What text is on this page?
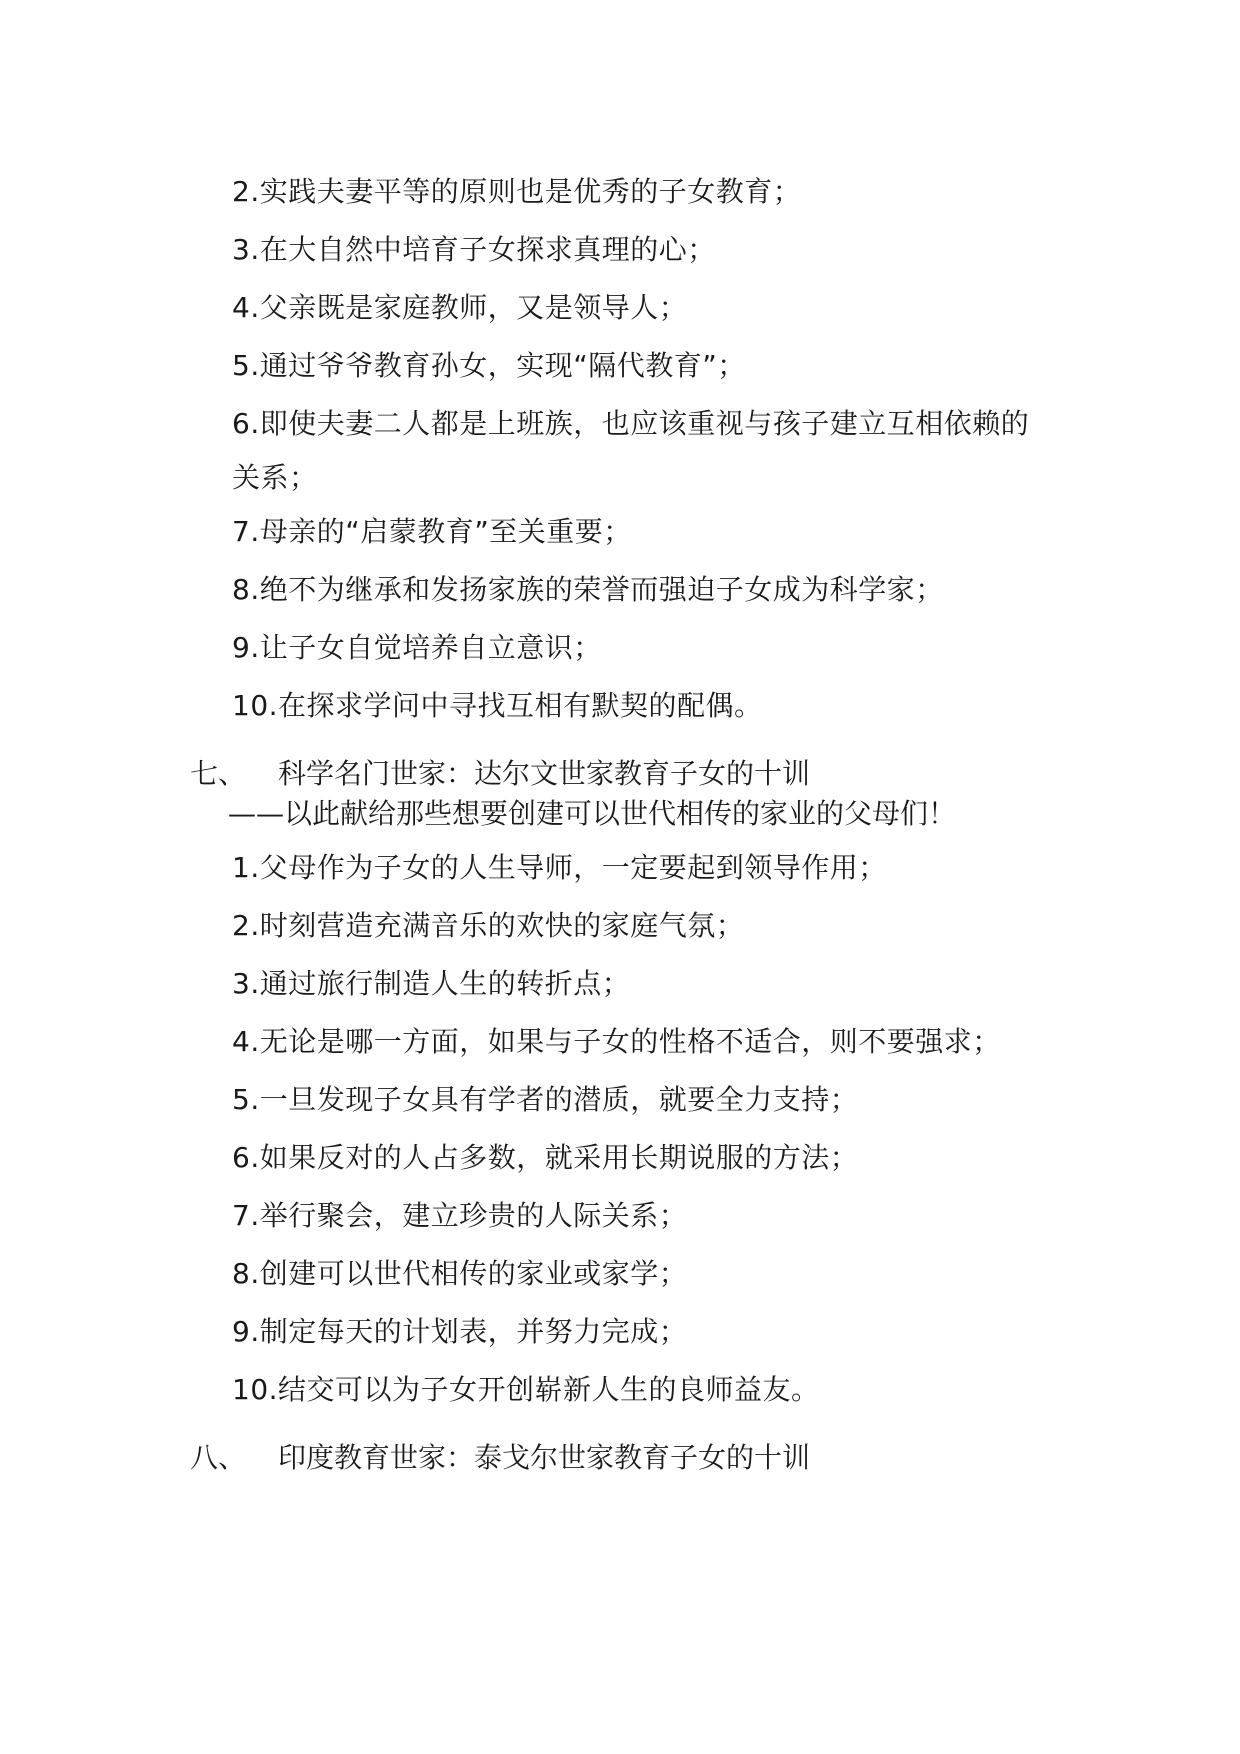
2.实践夫妻平等的原则也是优秀的子女教育；
3.在大自然中培育子女探求真理的心；
4.父亲既是家庭教师，又是领导人；
5.通过爷爷教育孙女，实现“隔代教育”；
6.即使夫妻二人都是上班族，也应该重视与孩子建立互相依赖的
关系；
7.母亲的“启蒙教育”至关重要；
8.绝不为继承和发扬家族的荣誉而强迫子女成为科学家；
9.让子女自觉培养自立意识；
10.在探求学问中寻找互相有默契的配偶。
七、 科学名门世家：达尔文世家教育子女的十训
——以此献给那些想要创建可以世代相传的家业的父母们！
1.父母作为子女的人生导师，一定要起到领导作用；
2.时刻营造充满音乐的欢快的家庭气氛；
3.通过旅行制造人生的转折点；
4.无论是哪一方面，如果与子女的性格不适合，则不要强求；
5.一旦发现子女具有学者的潜质，就要全力支持；
6.如果反对的人占多数，就采用长期说服的方法；
7.举行聚会，建立珍贵的人际关系；
8.创建可以世代相传的家业或家学；
9.制定每天的计划表，并努力完成；
10.结交可以为子女开创崭新人生的良师益友。
八、 印度教育世家：泰戈尔世家教育子女的十训
